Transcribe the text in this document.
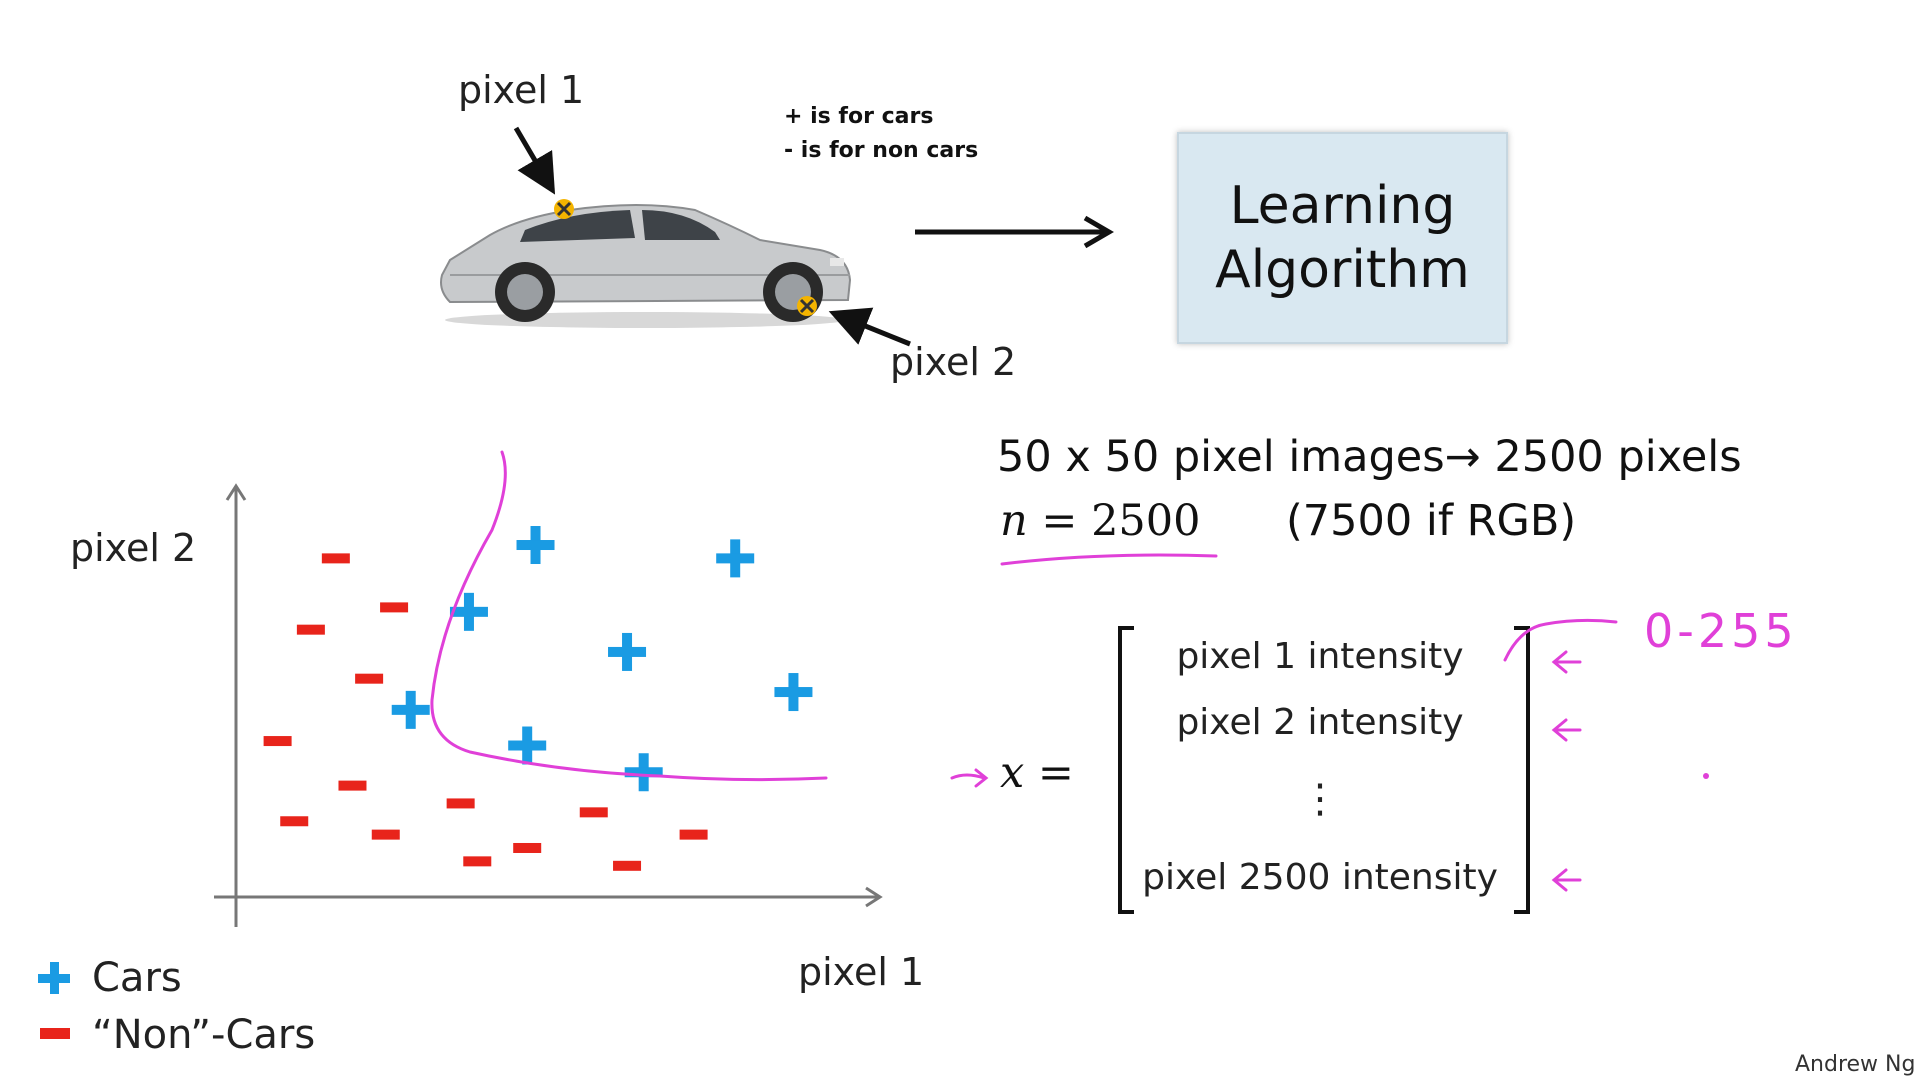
pixel 1
pixel 2
+ is for cars
- is for non cars
Learning
Algorithm
pixel 2
pixel 1
Cars
“Non”-Cars
50 x 50 pixel images→ 2500 pixels
n = 2500 (7500 if RGB)
x =
pixel 1 intensity
pixel 2 intensity
⋮
pixel 2500 intensity
0-255
Andrew Ng
